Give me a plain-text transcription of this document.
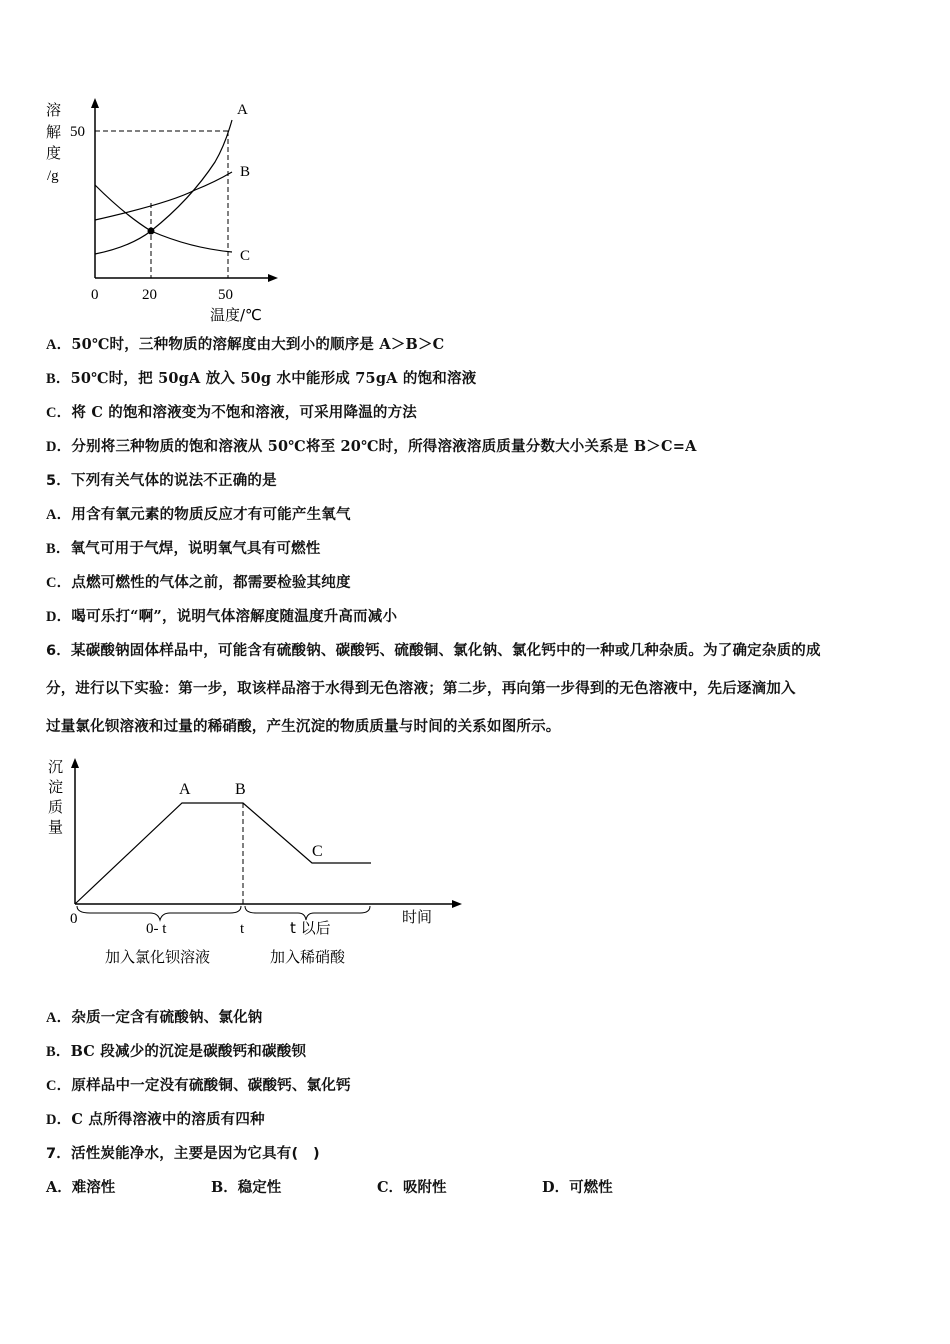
溶
解
度
/g
50
0	20	50
温度/℃
A
B
C
A．50℃时，三种物质的溶解度由大到小的顺序是 A＞B＞C
B．50℃时，把 50gA 放入 50g 水中能形成 75gA 的饱和溶液
C．将 C 的饱和溶液变为不饱和溶液，可采用降温的方法
D．分别将三种物质的饱和溶液从 50℃将至 20℃时，所得溶液溶质质量分数大小关系是 B＞C=A
5．下列有关气体的说法不正确的是
A．用含有氧元素的物质反应才有可能产生氧气
B．氧气可用于气焊，说明氧气具有可燃性
C．点燃可燃性的气体之前，都需要检验其纯度
D．喝可乐打“啊”，说明气体溶解度随温度升高而减小
6．某碳酸钠固体样品中，可能含有硫酸钠、碳酸钙、硫酸铜、氯化钠、氯化钙中的一种或几种杂质。为了确定杂质的成
分，进行以下实验：第一步，取该样品溶于水得到无色溶液；第二步，再向第一步得到的无色溶液中，先后逐滴加入
过量氯化钡溶液和过量的稀硝酸，产生沉淀的物质质量与时间的关系如图所示。
沉
淀
质
量
A	B
C
0	时间
0- t	t	t 以后
加入氯化钡溶液	加入稀硝酸
A．杂质一定含有硫酸钠、氯化钠
B．BC 段减少的沉淀是碳酸钙和碳酸钡
C．原样品中一定没有硫酸铜、碳酸钙、氯化钙
D．C 点所得溶液中的溶质有四种
7．活性炭能净水，主要是因为它具有(　)
A．难溶性	B．稳定性	C．吸附性	D．可燃性
